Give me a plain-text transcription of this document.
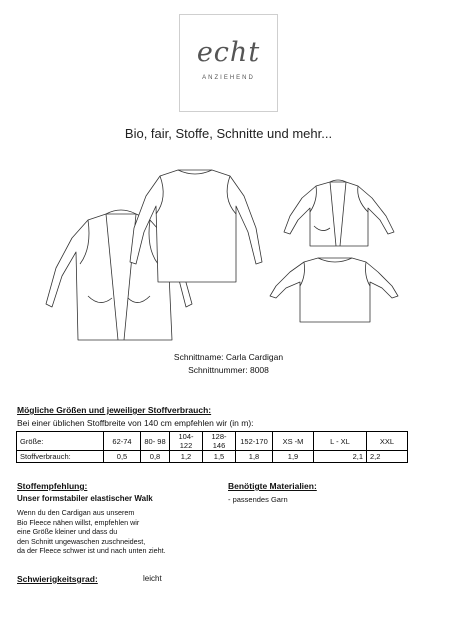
echt
ANZIEHEND
Bio, fair, Stoffe, Schnitte und mehr...
Schnittname: Carla Cardigan
Schnittnummer: 8008
Mögliche Größen und jeweiliger Stoffverbrauch:
Bei einer üblichen Stoffbreite von 140 cm empfehlen wir (in m):
Größe:	62-74	80- 98	104-122	128-146	152-170	XS -M	L - XL	XXL
Stoffverbrauch:	0,5	0,8	1,2	1,5	1,8	1,9	2,1	2,2
Stoffempfehlung:
Unser formstabiler elastischer Walk
Wenn du den Cardigan aus unserem
Bio Fleece nähen willst, empfehlen wir
eine Größe kleiner und dass du
den Schnitt ungewaschen zuschneidest,
da der Fleece schwer ist und nach unten zieht.
Benötigte Materialien:
- passendes Garn
Schwierigkeitsgrad:	leicht
